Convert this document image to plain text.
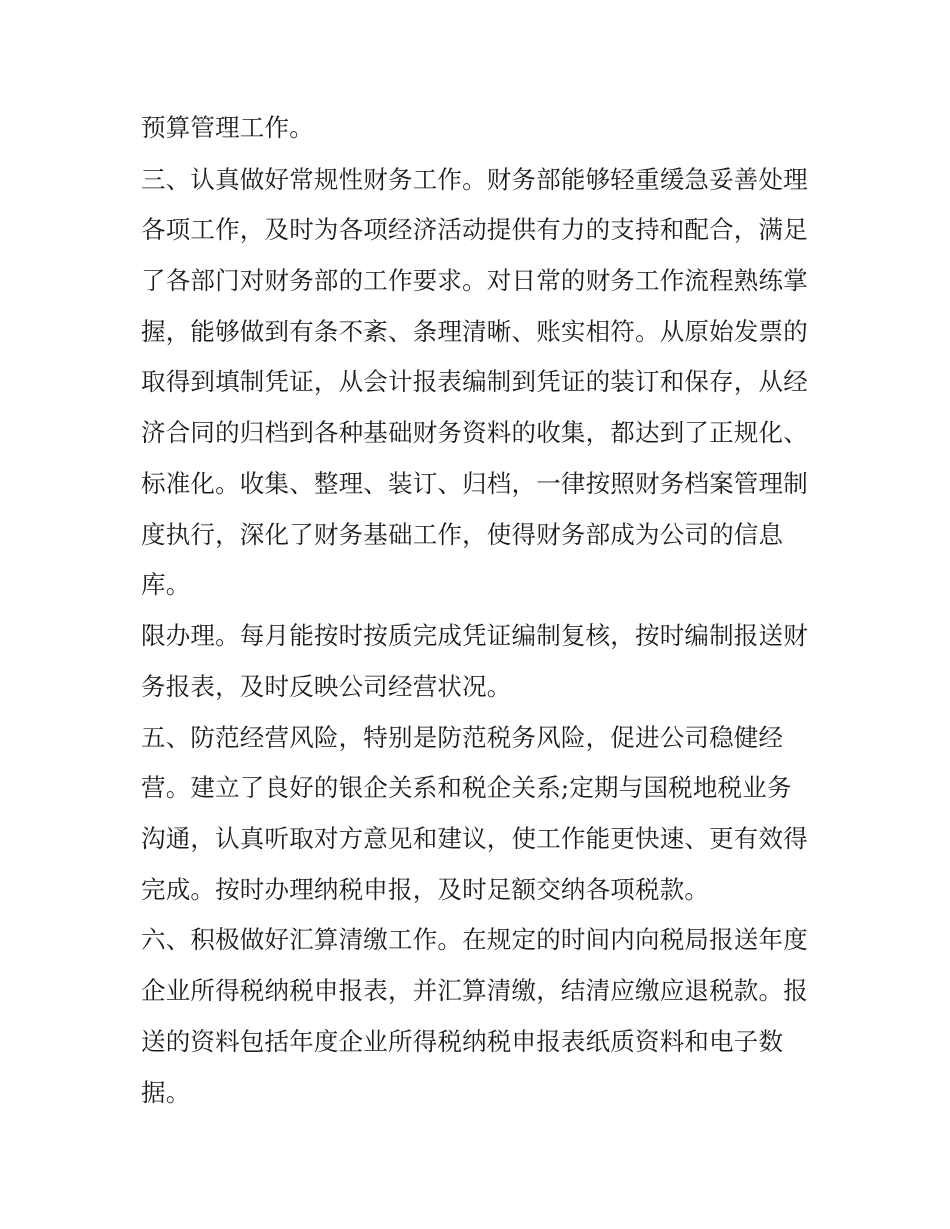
预算管理工作。
三、认真做好常规性财务工作。财务部能够轻重缓急妥善处理
各项工作，及时为各项经济活动提供有力的支持和配合，满足
了各部门对财务部的工作要求。对日常的财务工作流程熟练掌
握，能够做到有条不紊、条理清晰、账实相符。从原始发票的
取得到填制凭证，从会计报表编制到凭证的装订和保存，从经
济合同的归档到各种基础财务资料的收集，都达到了正规化、
标准化。收集、整理、装订、归档，一律按照财务档案管理制
度执行，深化了财务基础工作，使得财务部成为公司的信息
库。
限办理。每月能按时按质完成凭证编制复核，按时编制报送财
务报表，及时反映公司经营状况。
五、防范经营风险，特别是防范税务风险，促进公司稳健经
营。建立了良好的银企关系和税企关系;定期与国税地税业务
沟通，认真听取对方意见和建议，使工作能更快速、更有效得
完成。按时办理纳税申报，及时足额交纳各项税款。
六、积极做好汇算清缴工作。在规定的时间内向税局报送年度
企业所得税纳税申报表，并汇算清缴，结清应缴应退税款。报
送的资料包括年度企业所得税纳税申报表纸质资料和电子数
据。
